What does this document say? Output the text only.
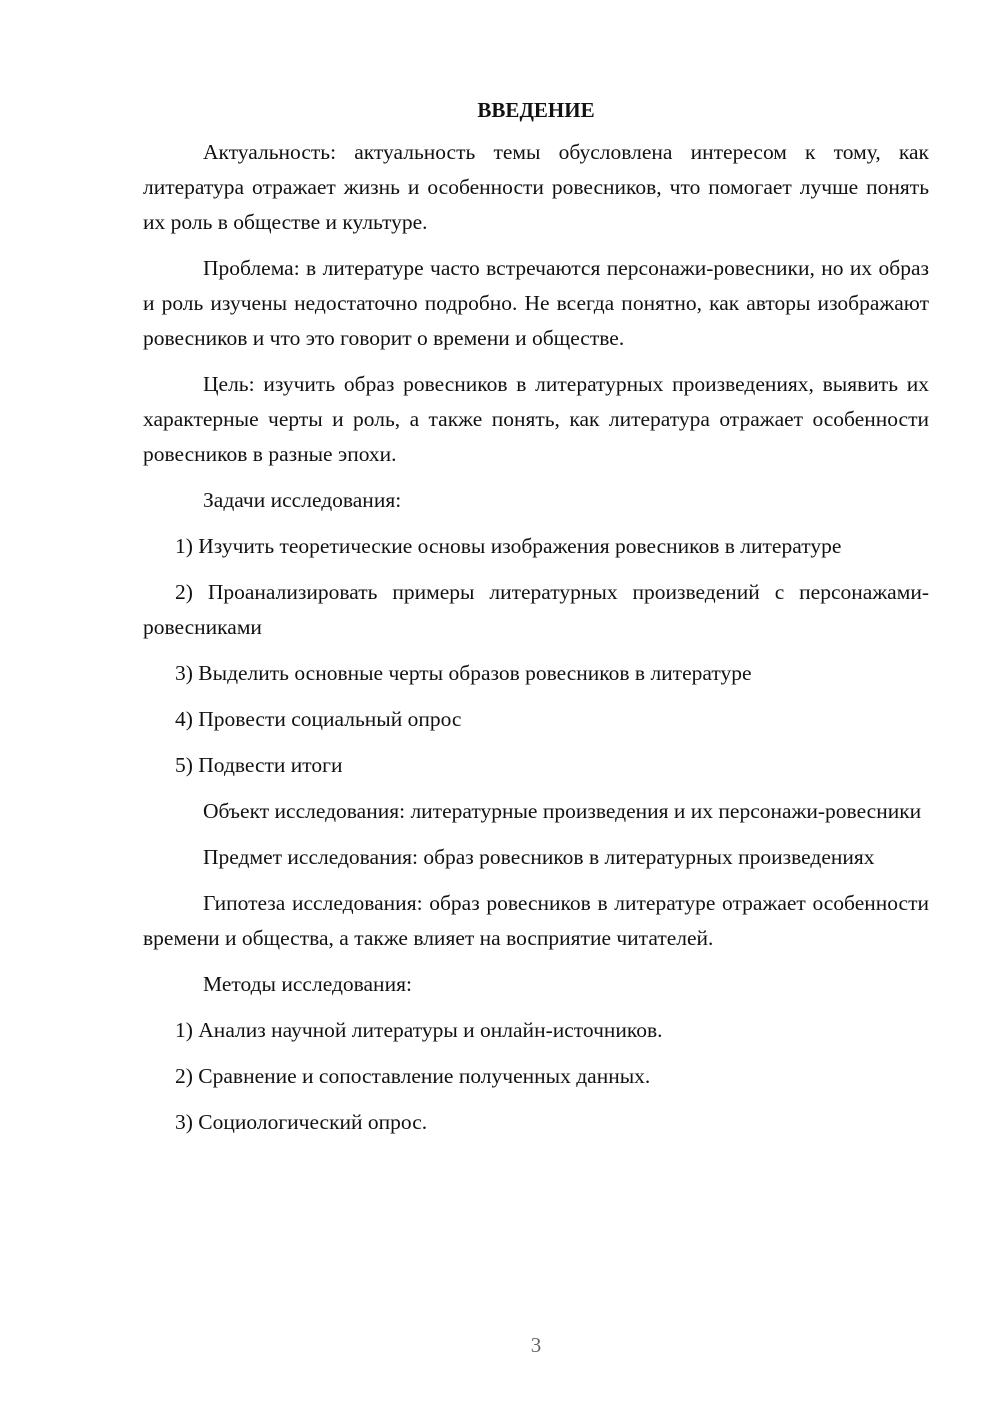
ВВЕДЕНИЕ

Актуальность: актуальность темы обусловлена интересом к тому, как литература отражает жизнь и особенности ровесников, что помогает лучше понять их роль в обществе и культуре.

Проблема: в литературе часто встречаются персонажи-ровесники, но их образ и роль изучены недостаточно подробно. Не всегда понятно, как авторы изображают ровесников и что это говорит о времени и обществе.

Цель: изучить образ ровесников в литературных произведениях, выявить их характерные черты и роль, а также понять, как литература отражает особенности ровесников в разные эпохи.

Задачи исследования:

1) Изучить теоретические основы изображения ровесников в литературе

2) Проанализировать примеры литературных произведений с персонажами-ровесниками

3) Выделить основные черты образов ровесников в литературе

4) Провести социальный опрос

5) Подвести итоги

Объект исследования: литературные произведения и их персонажи-ровесники

Предмет исследования: образ ровесников в литературных произведениях

Гипотеза исследования: образ ровесников в литературе отражает особенности времени и общества, а также влияет на восприятие читателей.

Методы исследования:

1) Анализ научной литературы и онлайн-источников.

2) Сравнение и сопоставление полученных данных.

3) Социологический опрос.

3
